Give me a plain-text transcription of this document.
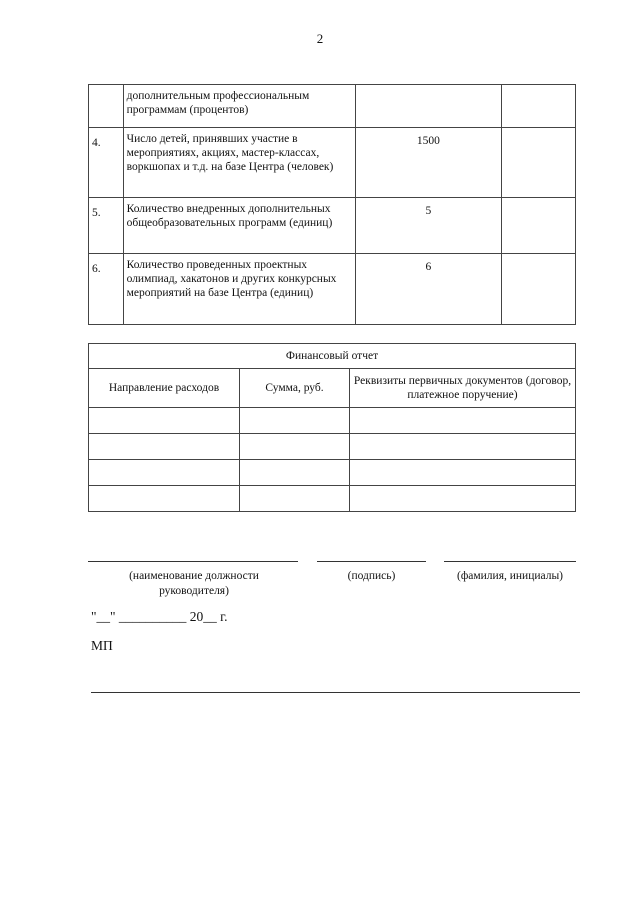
2
	дополнительным профессиональным программам (процентов)		
4.	Число детей, принявших участие в мероприятиях, акциях, мастер-классах, воркшопах и т.д. на базе Центра (человек)	1500	
5.	Количество внедренных дополнительных общеобразовательных программ (единиц)	5	
6.	Количество проведенных проектных олимпиад, хакатонов и других конкурсных мероприятий на базе Центра (единиц)	6	
Финансовый отчет		
Направление расходов	Сумма, руб.	Реквизиты первичных документов (договор, платежное поручение)

(наименование должности руководителя)
(подпись)	(фамилия, инициалы)
"__" __________ 20__ г.
МП
